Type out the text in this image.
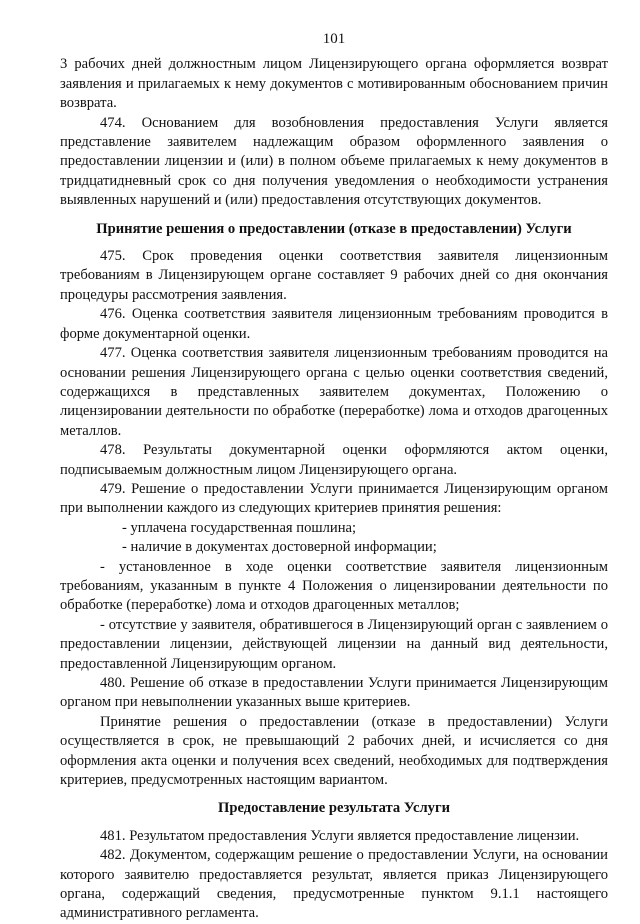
101

3 рабочих дней должностным лицом Лицензирующего органа оформляется возврат заявления и прилагаемых к нему документов с мотивированным обоснованием причин возврата.

474. Основанием для возобновления предоставления Услуги является представление заявителем надлежащим образом оформленного заявления о предоставлении лицензии и (или) в полном объеме прилагаемых к нему документов в тридцатидневный срок со дня получения уведомления о необходимости устранения выявленных нарушений и (или) предоставления отсутствующих документов.

Принятие решения о предоставлении (отказе в предоставлении) Услуги

475. Срок проведения оценки соответствия заявителя лицензионным требованиям в Лицензирующем органе составляет 9 рабочих дней со дня окончания процедуры рассмотрения заявления.

476. Оценка соответствия заявителя лицензионным требованиям проводится в форме документарной оценки.

477. Оценка соответствия заявителя лицензионным требованиям проводится на основании решения Лицензирующего органа с целью оценки соответствия сведений, содержащихся в представленных заявителем документах, Положению о лицензировании деятельности по обработке (переработке) лома и отходов драгоценных металлов.

478. Результаты документарной оценки оформляются актом оценки, подписываемым должностным лицом Лицензирующего органа.

479. Решение о предоставлении Услуги принимается Лицензирующим органом при выполнении каждого из следующих критериев принятия решения:

- уплачена государственная пошлина;

- наличие в документах достоверной информации;

- установленное в ходе оценки соответствие заявителя лицензионным требованиям, указанным в пункте 4 Положения о лицензировании деятельности по обработке (переработке) лома и отходов драгоценных металлов;

- отсутствие у заявителя, обратившегося в Лицензирующий орган с заявлением о предоставлении лицензии, действующей лицензии на данный вид деятельности, предоставленной Лицензирующим органом.

480. Решение об отказе в предоставлении Услуги принимается Лицензирующим органом при невыполнении указанных выше критериев.

Принятие решения о предоставлении (отказе в предоставлении) Услуги осуществляется в срок, не превышающий 2 рабочих дней, и исчисляется со дня оформления акта оценки и получения всех сведений, необходимых для подтверждения критериев, предусмотренных настоящим вариантом.

Предоставление результата Услуги

481. Результатом предоставления Услуги является предоставление лицензии.

482. Документом, содержащим решение о предоставлении Услуги, на основании которого заявителю предоставляется результат, является приказ Лицензирующего органа, содержащий сведения, предусмотренные пунктом 9.1.1 настоящего административного регламента.
